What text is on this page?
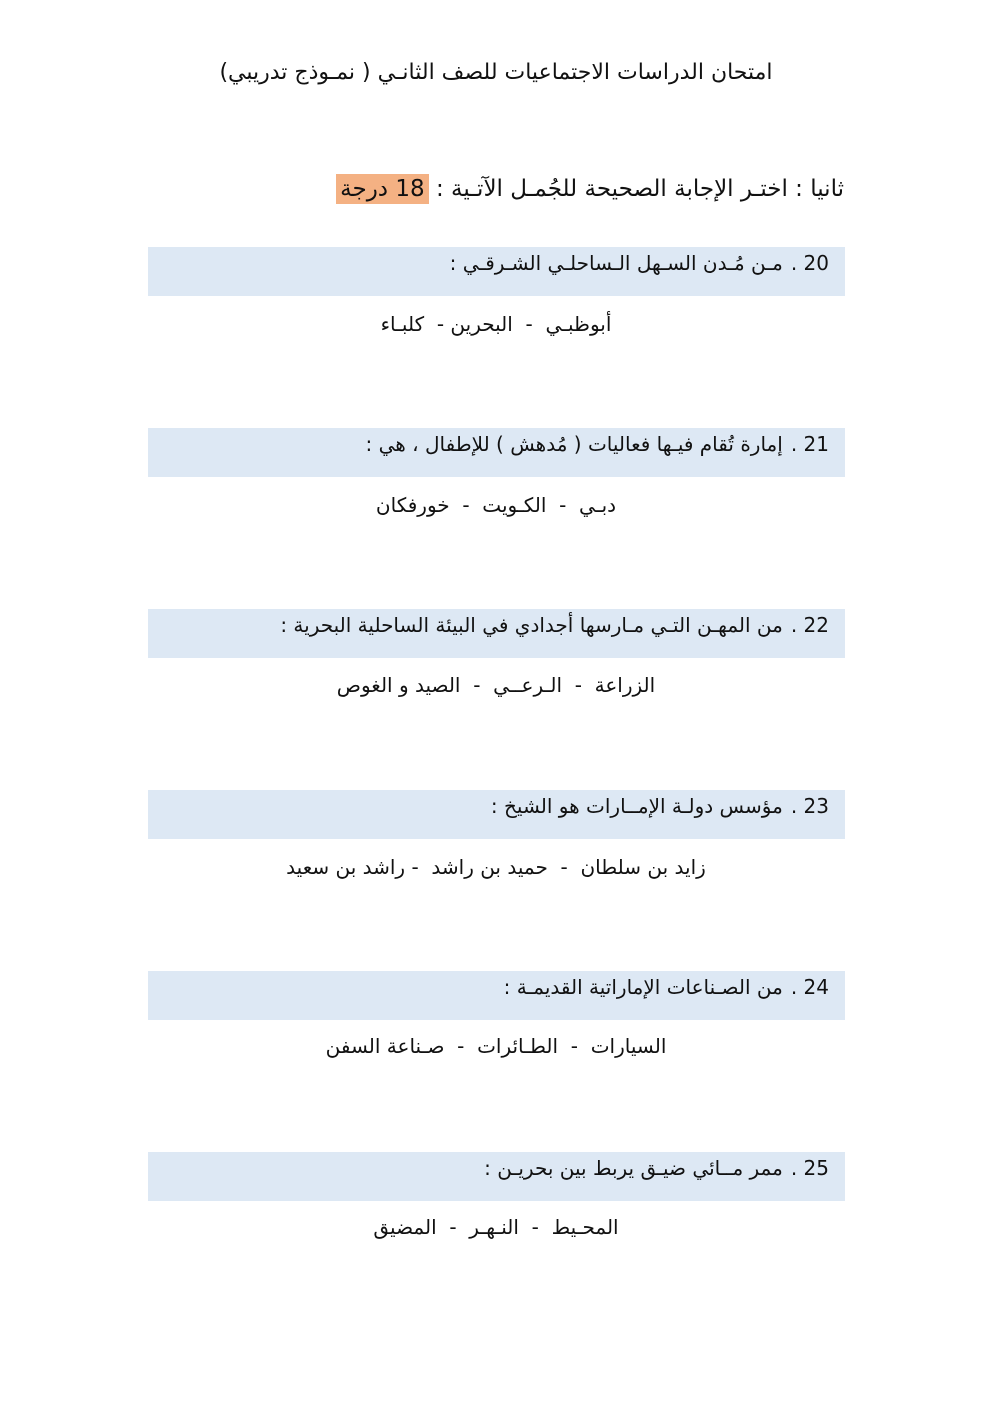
امتحان الدراسات الاجتماعيات للصف الثانـي ( نمـوذج تدريبي)
ثانيا : اختـر الإجابة الصحيحة للجُمـل الآتـية : 18 درجة
20 .مـن مُـدن السـهل الـساحلـي الشـرقـي :
أبوظبـي  -  البحرين -  كلبـاء
21 .إمارة تُقام فيـها فعاليات ( مُدهش ) للإطفال ، هي :
دبـي  -  الكـويت  -  خورفكان
22 .من المهـن التـي مـارسها أجدادي في البيئة الساحلية البحرية :
الزراعة  -  الـرعــي  -  الصيد و الغوص
23 .مؤسس دولـة الإمــارات هو الشيخ :
زايد بن سلطان  -  حميد بن راشد  - راشد بن سعيد
24 .من الصـناعات الإماراتية القديمـة :
السيارات  -  الطـائرات  -  صـناعة السفن
25 .ممر مــائي ضيـق يربط بين بحريـن :
المحـيط  -  النـهـر  -  المضيق
